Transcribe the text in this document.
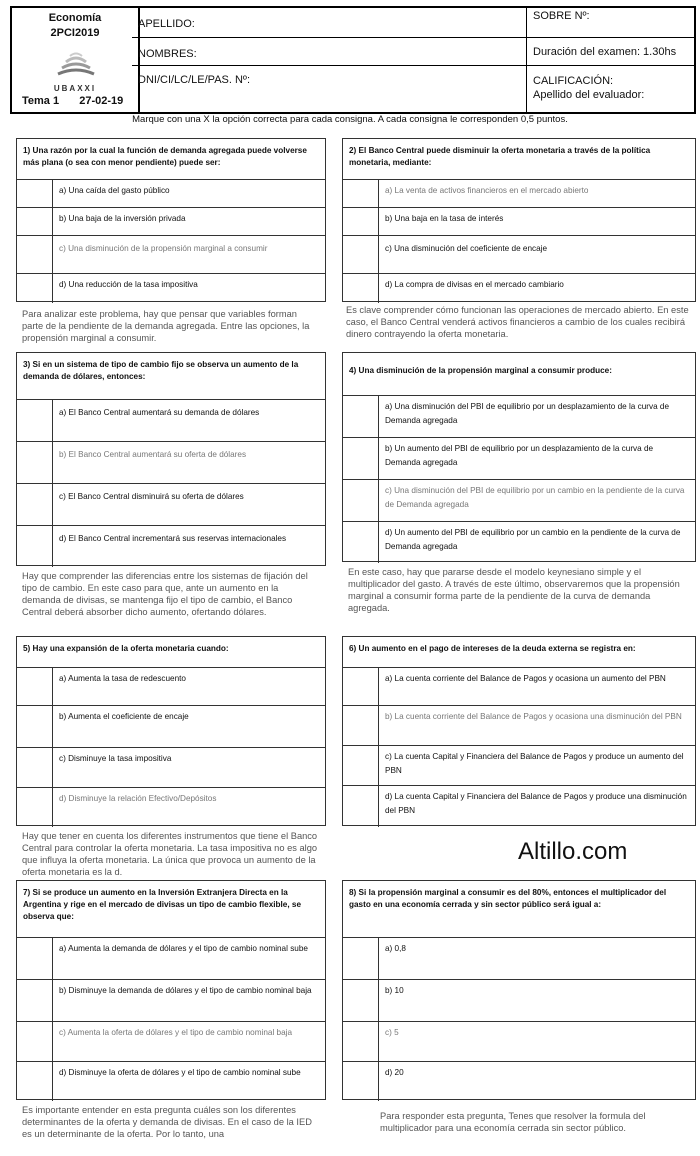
Economía
2PCI2019
UBAXXI
Tema 1 27-02-19
APELLIDO:
NOMBRES:
DNI/CI/LC/LE/PAS. Nº:
SOBRE Nº:
Duración del examen: 1.30hs
CALIFICACIÓN:
Apellido del evaluador:
Marque con una X la opción correcta para cada consigna. A cada consigna le corresponden 0,5 puntos.
1) Una razón por la cual la función de demanda agregada puede volverse más plana (o sea con menor pendiente) puede ser:
a) Una caída del gasto público
b) Una baja de la inversión privada
c) Una disminución de la propensión marginal a consumir
d) Una reducción de la tasa impositiva
Para analizar este problema, hay que pensar que variables forman parte de la pendiente de la demanda agregada. Entre las opciones, la propensión marginal a consumir.
2) El Banco Central puede disminuir la oferta monetaria a través de la política monetaria, mediante:
a) La venta de activos financieros en el mercado abierto
b) Una baja en la tasa de interés
c) Una disminución del coeficiente de encaje
d) La compra de divisas en el mercado cambiario
Es clave comprender cómo funcionan las operaciones de mercado abierto. En este caso, el Banco Central venderá activos financieros a cambio de los cuales recibirá dinero contrayendo la oferta monetaria.
3) Si en un sistema de tipo de cambio fijo se observa un aumento de la demanda de dólares, entonces:
a) El Banco Central aumentará su demanda de dólares
b) El Banco Central aumentará su oferta de dólares
c) El Banco Central disminuirá su oferta de dólares
d) El Banco Central incrementará sus reservas internacionales
Hay que comprender las diferencias entre los sistemas de fijación del tipo de cambio. En este caso para que, ante un aumento en la demanda de divisas, se mantenga fijo el tipo de cambio, el Banco Central deberá absorber dicho aumento, ofertando dólares.
4) Una disminución de la propensión marginal a consumir produce:
a) Una disminución del PBI de equilibrio por un desplazamiento de la curva de Demanda agregada
b) Un aumento del PBI de equilibrio por un desplazamiento de la curva de Demanda agregada
c) Una disminución del PBI de equilibrio por un cambio en la pendiente de la curva de Demanda agregada
d) Un aumento del PBI de equilibrio por un cambio en la pendiente de la curva de Demanda agregada
En este caso, hay que pararse desde el modelo keynesiano simple y el multiplicador del gasto. A través de este último, observaremos que la propensión marginal a consumir forma parte de la pendiente de la curva de demanda agregada.
5) Hay una expansión de la oferta monetaria cuando:
a) Aumenta la tasa de redescuento
b) Aumenta el coeficiente de encaje
c) Disminuye la tasa impositiva
d) Disminuye la relación Efectivo/Depósitos
Hay que tener en cuenta los diferentes instrumentos que tiene el Banco Central para controlar la oferta monetaria. La tasa impositiva no es algo que influya la oferta monetaria. La única que provoca un aumento de la oferta monetaria es la d.
6) Un aumento en el pago de intereses de la deuda externa se registra en:
a) La cuenta corriente del Balance de Pagos y ocasiona un aumento del PBN
b) La cuenta corriente del Balance de Pagos y ocasiona una disminución del PBN
c) La cuenta Capital y Financiera del Balance de Pagos y produce un aumento del PBN
d) La cuenta Capital y Financiera del Balance de Pagos y produce una disminución del PBN
Altillo.com
7) Si se produce un aumento en la Inversión Extranjera Directa en la Argentina y rige en el mercado de divisas un tipo de cambio flexible, se observa que:
a) Aumenta la demanda de dólares y el tipo de cambio nominal sube
b) Disminuye la demanda de dólares y el tipo de cambio nominal baja
c) Aumenta la oferta de dólares y el tipo de cambio nominal baja
d) Disminuye la oferta de dólares y el tipo de cambio nominal sube
Es importante entender en esta pregunta cuáles son los diferentes determinantes de la oferta y demanda de divisas. En el caso de la IED es un determinante de la oferta. Por lo tanto, una
8) Si la propensión marginal a consumir es del 80%, entonces el multiplicador del gasto en una economía cerrada y sin sector público será igual a:
a) 0,8
b) 10
c) 5
d) 20
Para responder esta pregunta, Tenes que resolver la formula del multiplicador para una economía cerrada sin sector público.
